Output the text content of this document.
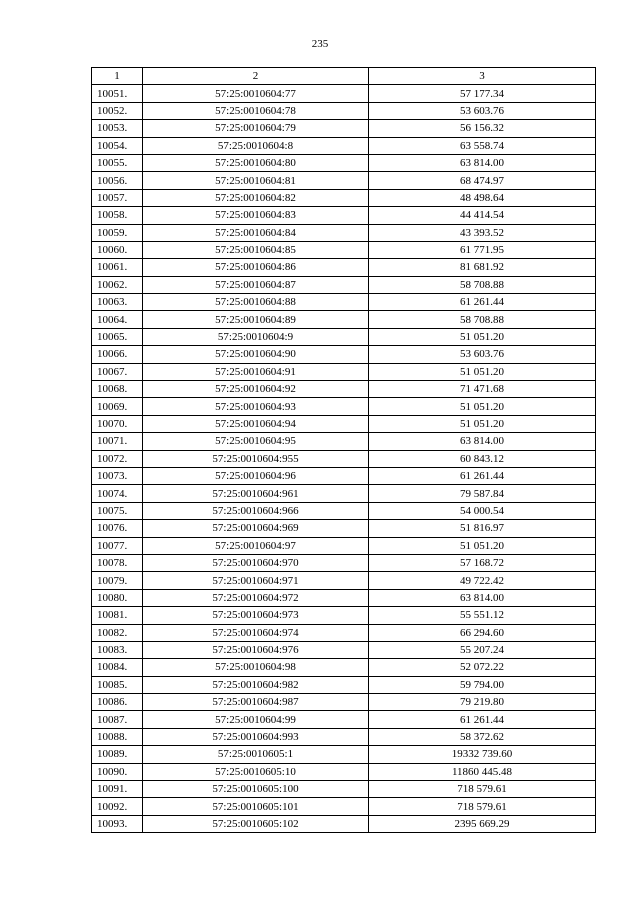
235
1	2	3
10051.	57:25:0010604:77	57 177.34
10052.	57:25:0010604:78	53 603.76
10053.	57:25:0010604:79	56 156.32
10054.	57:25:0010604:8	63 558.74
10055.	57:25:0010604:80	63 814.00
10056.	57:25:0010604:81	68 474.97
10057.	57:25:0010604:82	48 498.64
10058.	57:25:0010604:83	44 414.54
10059.	57:25:0010604:84	43 393.52
10060.	57:25:0010604:85	61 771.95
10061.	57:25:0010604:86	81 681.92
10062.	57:25:0010604:87	58 708.88
10063.	57:25:0010604:88	61 261.44
10064.	57:25:0010604:89	58 708.88
10065.	57:25:0010604:9	51 051.20
10066.	57:25:0010604:90	53 603.76
10067.	57:25:0010604:91	51 051.20
10068.	57:25:0010604:92	71 471.68
10069.	57:25:0010604:93	51 051.20
10070.	57:25:0010604:94	51 051.20
10071.	57:25:0010604:95	63 814.00
10072.	57:25:0010604:955	60 843.12
10073.	57:25:0010604:96	61 261.44
10074.	57:25:0010604:961	79 587.84
10075.	57:25:0010604:966	54 000.54
10076.	57:25:0010604:969	51 816.97
10077.	57:25:0010604:97	51 051.20
10078.	57:25:0010604:970	57 168.72
10079.	57:25:0010604:971	49 722.42
10080.	57:25:0010604:972	63 814.00
10081.	57:25:0010604:973	55 551.12
10082.	57:25:0010604:974	66 294.60
10083.	57:25:0010604:976	55 207.24
10084.	57:25:0010604:98	52 072.22
10085.	57:25:0010604:982	59 794.00
10086.	57:25:0010604:987	79 219.80
10087.	57:25:0010604:99	61 261.44
10088.	57:25:0010604:993	58 372.62
10089.	57:25:0010605:1	19332 739.60
10090.	57:25:0010605:10	11860 445.48
10091.	57:25:0010605:100	718 579.61
10092.	57:25:0010605:101	718 579.61
10093.	57:25:0010605:102	2395 669.29
